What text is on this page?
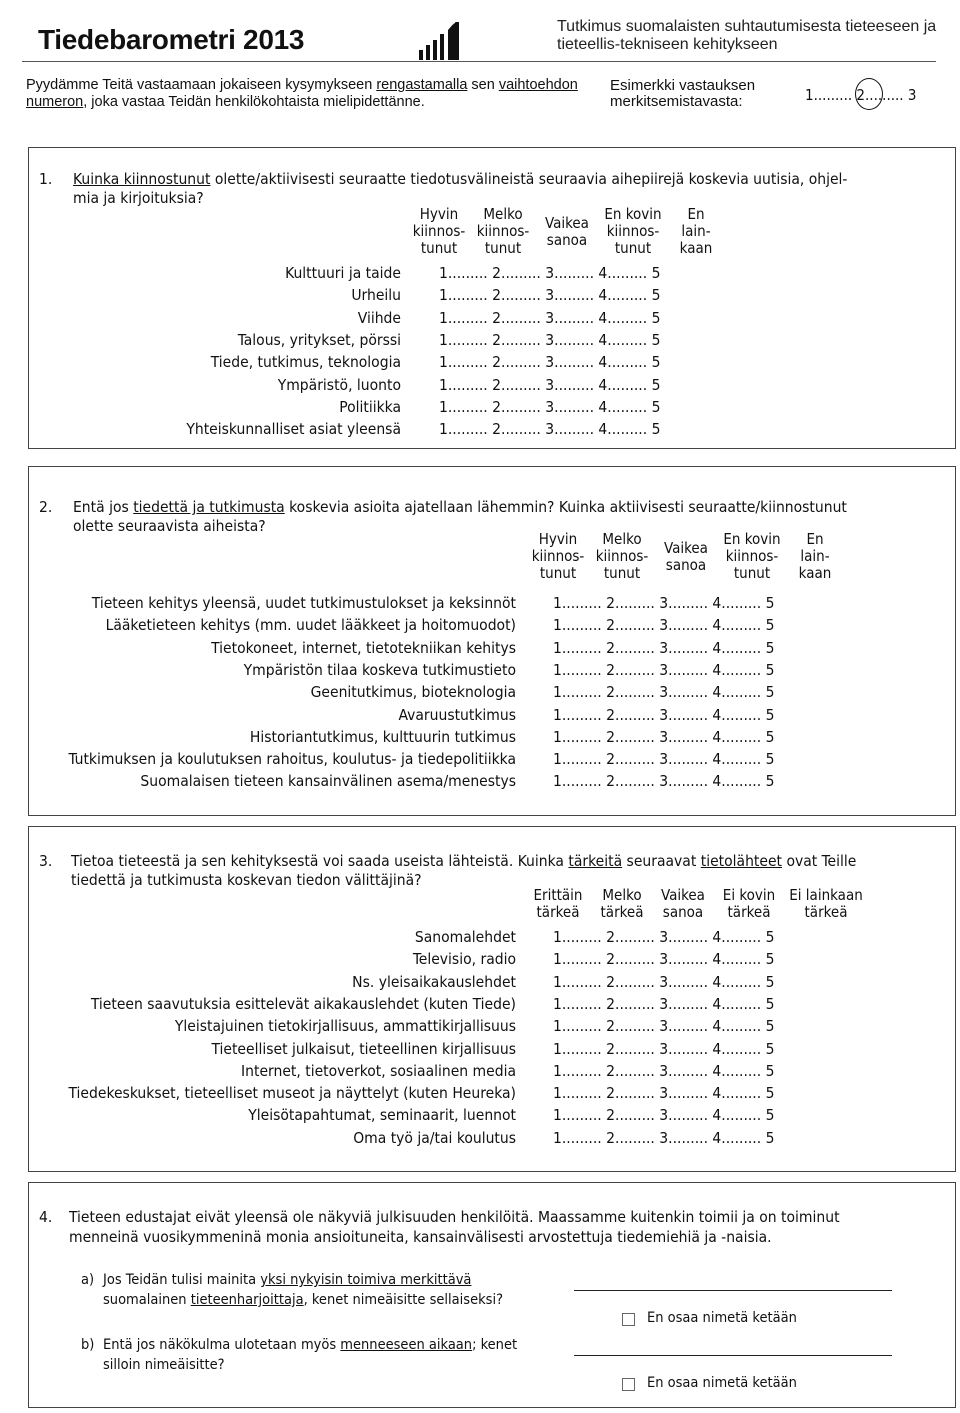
Tiedebarometri 2013	Tutkimus suomalaisten suhtautumisesta tieteeseen ja tieteellis-tekniseen kehitykseen
Pyydämme Teitä vastaamaan jokaiseen kysymykseen rengastamalla sen vaihtoehdon numeron, joka vastaa Teidän henkilökohtaista mielipidettänne.
Esimerkki vastauksen
merkitsemistavasta:	1......... 2......... 3
1. Kuinka kiinnostunut olette/aktiivisesti seuraatte tiedotusvälineistä seuraavia aihepiirejä koskevia uutisia, ohjel-
mia ja kirjoituksia?
Hyvin
kiinnos-
tunut
Melko
kiinnos-
tunut
Vaikea
sanoa
En kovin
kiinnos-
tunut
En
lain-
kaan
Kulttuuri ja taide 1......... 2......... 3......... 4......... 5
Urheilu 1......... 2......... 3......... 4......... 5
Viihde 1......... 2......... 3......... 4......... 5
Talous, yritykset, pörssi 1......... 2......... 3......... 4......... 5
Tiede, tutkimus, teknologia 1......... 2......... 3......... 4......... 5
Ympäristö, luonto 1......... 2......... 3......... 4......... 5
Politiikka 1......... 2......... 3......... 4......... 5
Yhteiskunnalliset asiat yleensä 1......... 2......... 3......... 4......... 5
2. Entä jos tiedettä ja tutkimusta koskevia asioita ajatellaan lähemmin? Kuinka aktiivisesti seuraatte/kiinnostunut
olette seuraavista aiheista?
Hyvin
kiinnos-
tunut
Melko
kiinnos-
tunut
Vaikea
sanoa
En kovin
kiinnos-
tunut
En
lain-
kaan
Tieteen kehitys yleensä, uudet tutkimustulokset ja keksinnöt 1......... 2......... 3......... 4......... 5
Lääketieteen kehitys (mm. uudet lääkkeet ja hoitomuodot) 1......... 2......... 3......... 4......... 5
Tietokoneet, internet, tietotekniikan kehitys 1......... 2......... 3......... 4......... 5
Ympäristön tilaa koskeva tutkimustieto 1......... 2......... 3......... 4......... 5
Geenitutkimus, bioteknologia 1......... 2......... 3......... 4......... 5
Avaruustutkimus 1......... 2......... 3......... 4......... 5
Historiantutkimus, kulttuurin tutkimus 1......... 2......... 3......... 4......... 5
Tutkimuksen ja koulutuksen rahoitus, koulutus- ja tiedepolitiikka 1......... 2......... 3......... 4......... 5
Suomalaisen tieteen kansainvälinen asema/menestys 1......... 2......... 3......... 4......... 5
3. Tietoa tieteestä ja sen kehityksestä voi saada useista lähteistä. Kuinka tärkeitä seuraavat tietolähteet ovat Teille
tiedettä ja tutkimusta koskevan tiedon välittäjinä?
Erittäin
tärkeä
Melko
tärkeä
Vaikea
sanoa
Ei kovin
tärkeä
Ei lainkaan
tärkeä
Sanomalehdet 1......... 2......... 3......... 4......... 5
Televisio, radio 1......... 2......... 3......... 4......... 5
Ns. yleisaikakauslehdet 1......... 2......... 3......... 4......... 5
Tieteen saavutuksia esittelevät aikakauslehdet (kuten Tiede) 1......... 2......... 3......... 4......... 5
Yleistajuinen tietokirjallisuus, ammattikirjallisuus 1......... 2......... 3......... 4......... 5
Tieteelliset julkaisut, tieteellinen kirjallisuus 1......... 2......... 3......... 4......... 5
Internet, tietoverkot, sosiaalinen media 1......... 2......... 3......... 4......... 5
Tiedekeskukset, tieteelliset museot ja näyttelyt (kuten Heureka) 1......... 2......... 3......... 4......... 5
Yleisötapahtumat, seminaarit, luennot 1......... 2......... 3......... 4......... 5
Oma työ ja/tai koulutus 1......... 2......... 3......... 4......... 5
4. Tieteen edustajat eivät yleensä ole näkyviä julkisuuden henkilöitä. Maassamme kuitenkin toimii ja on toiminut
menneinä vuosikymmeninä monia ansioituneita, kansainvälisesti arvostettuja tiedemiehiä ja -naisia.
a) Jos Teidän tulisi mainita yksi nykyisin toimiva merkittävä
suomalainen tieteenharjoittaja, kenet nimeäisitte sellaiseksi?
En osaa nimetä ketään
b) Entä jos näkökulma ulotetaan myös menneeseen aikaan; kenet
silloin nimeäisitte?
En osaa nimetä ketään
